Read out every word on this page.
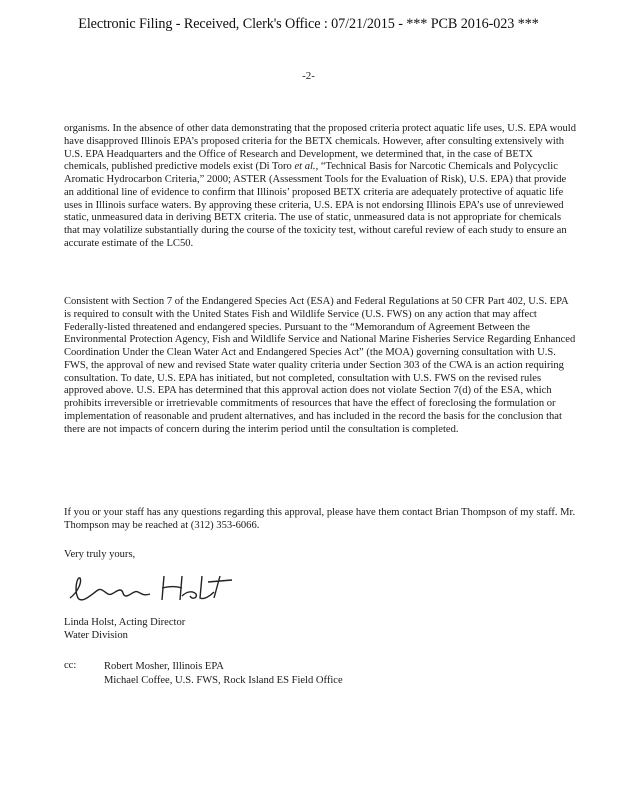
Electronic Filing - Received, Clerk's Office : 07/21/2015 - *** PCB 2016-023 ***
-2-
organisms. In the absence of other data demonstrating that the proposed criteria protect aquatic life uses, U.S. EPA would have disapproved Illinois EPA’s proposed criteria for the BETX chemicals. However, after consulting extensively with U.S. EPA Headquarters and the Office of Research and Development, we determined that, in the case of BETX chemicals, published predictive models exist (Di Toro et al., “Technical Basis for Narcotic Chemicals and Polycyclic Aromatic Hydrocarbon Criteria,” 2000; ASTER (Assessment Tools for the Evaluation of Risk), U.S. EPA) that provide an additional line of evidence to confirm that Illinois’ proposed BETX criteria are adequately protective of aquatic life uses in Illinois surface waters. By approving these criteria, U.S. EPA is not endorsing Illinois EPA’s use of unreviewed static, unmeasured data in deriving BETX criteria. The use of static, unmeasured data is not appropriate for chemicals that may volatilize substantially during the course of the toxicity test, without careful review of each study to ensure an accurate estimate of the LC50.
Consistent with Section 7 of the Endangered Species Act (ESA) and Federal Regulations at 50 CFR Part 402, U.S. EPA is required to consult with the United States Fish and Wildlife Service (U.S. FWS) on any action that may affect Federally-listed threatened and endangered species. Pursuant to the “Memorandum of Agreement Between the Environmental Protection Agency, Fish and Wildlife Service and National Marine Fisheries Service Regarding Enhanced Coordination Under the Clean Water Act and Endangered Species Act” (the MOA) governing consultation with U.S. FWS, the approval of new and revised State water quality criteria under Section 303 of the CWA is an action requiring consultation. To date, U.S. EPA has initiated, but not completed, consultation with U.S. FWS on the revised rules approved above. U.S. EPA has determined that this approval action does not violate Section 7(d) of the ESA, which prohibits irreversible or irretrievable commitments of resources that have the effect of foreclosing the formulation or implementation of reasonable and prudent alternatives, and has included in the record the basis for the conclusion that there are not impacts of concern during the interim period until the consultation is completed.
If you or your staff has any questions regarding this approval, please have them contact Brian Thompson of my staff. Mr. Thompson may be reached at (312) 353-6066.
Very truly yours,
Linda Holst, Acting Director
Water Division
cc:	Robert Mosher, Illinois EPA
Michael Coffee, U.S. FWS, Rock Island ES Field Office
